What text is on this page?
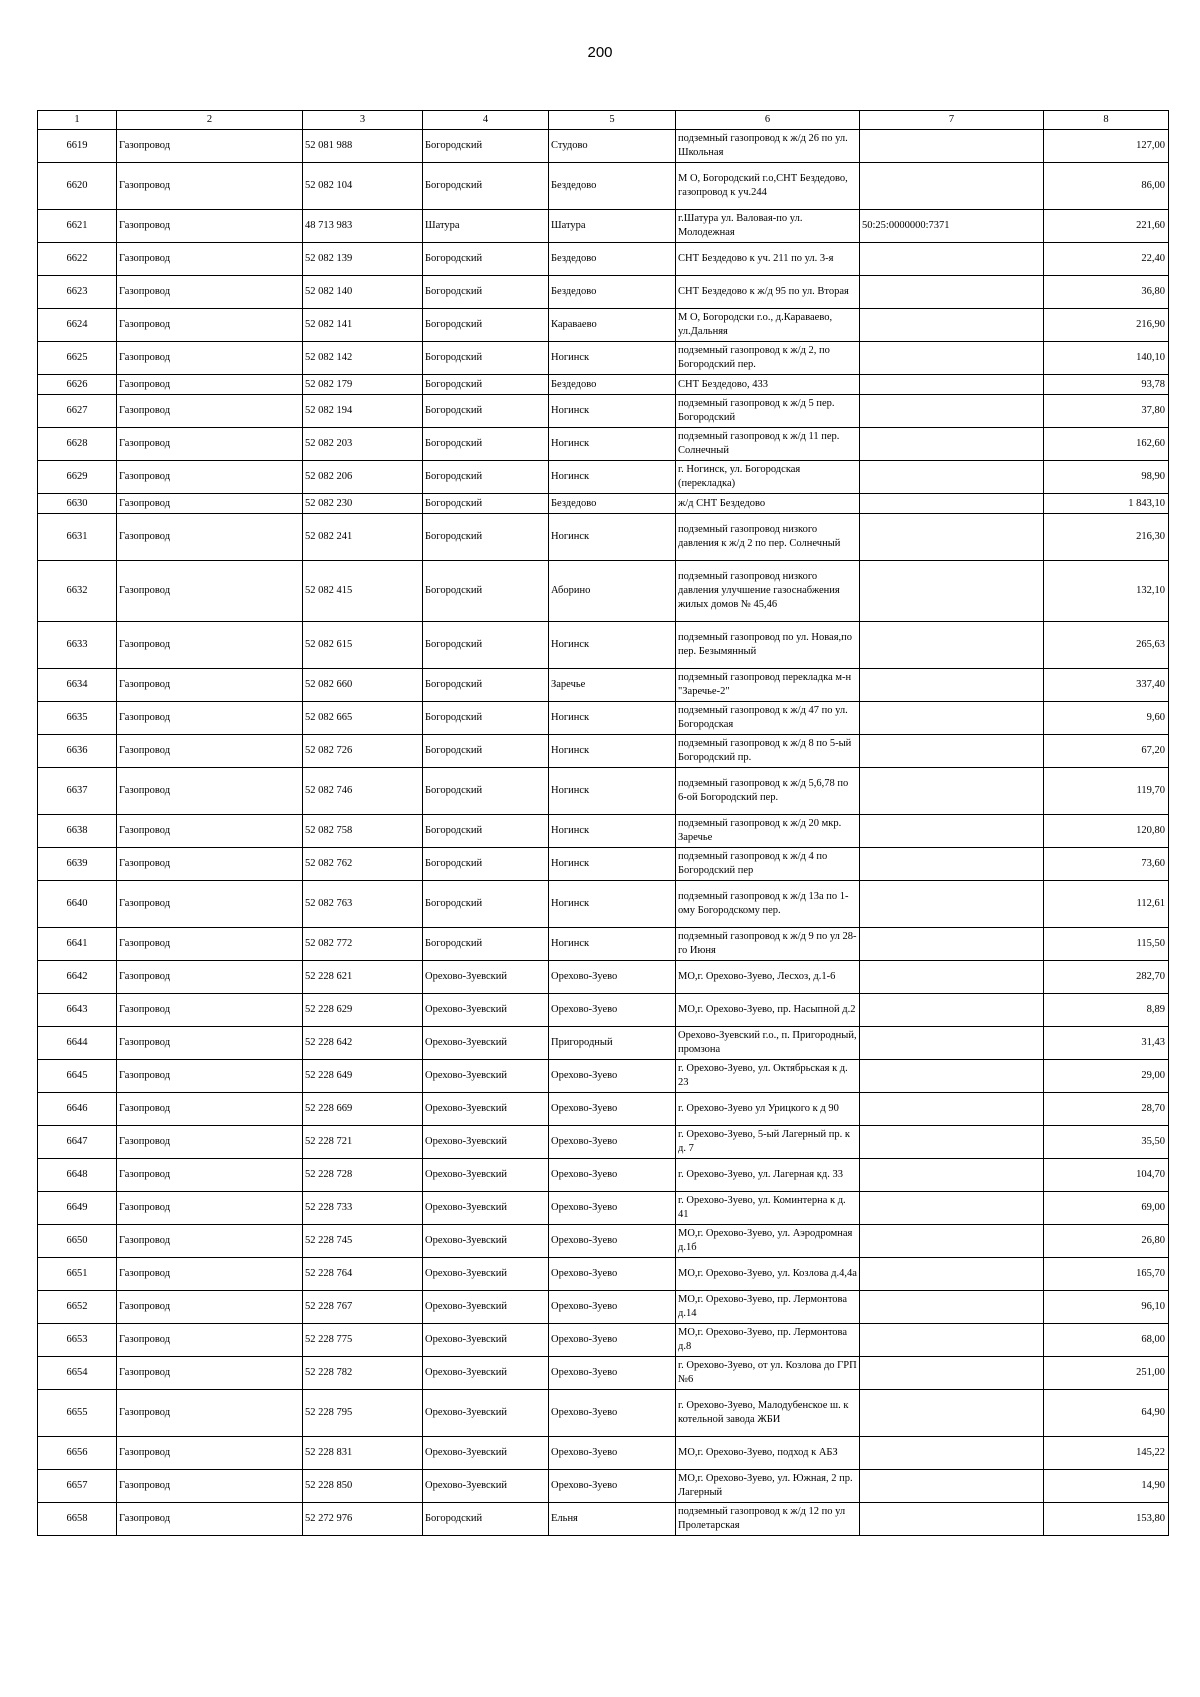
200
1	2	3	4	5	6	7	8
6619	Газопровод	52 081 988	Богородский	Студово	подземный газопровод к ж/д 26 по ул. Школьная		127,00
6620	Газопровод	52 082 104	Богородский	Бездедово	М О, Богородский г.о,СНТ Бездедово, газопровод к уч.244		86,00
6621	Газопровод	48 713 983	Шатура	Шатура	г.Шатура ул. Валовая-по ул. Молодежная	50:25:0000000:7371	221,60
6622	Газопровод	52 082 139	Богородский	Бездедово	СНТ Бездедово к уч. 211 по ул. 3-я		22,40
6623	Газопровод	52 082 140	Богородский	Бездедово	СНТ Бездедово к ж/д 95 по ул. Вторая		36,80
6624	Газопровод	52 082 141	Богородский	Караваево	М О, Богородски г.о., д.Караваево, ул.Дальняя		216,90
6625	Газопровод	52 082 142	Богородский	Ногинск	подземный газопровод к ж/д 2, по Богородский пер.		140,10
6626	Газопровод	52 082 179	Богородский	Бездедово	СНТ Бездедово, 433		93,78
6627	Газопровод	52 082 194	Богородский	Ногинск	подземный газопровод к ж/д 5 пер. Богородский		37,80
6628	Газопровод	52 082 203	Богородский	Ногинск	подземный газопровод к ж/д 11 пер. Солнечный		162,60
6629	Газопровод	52 082 206	Богородский	Ногинск	г. Ногинск, ул. Богородская (перекладка)		98,90
6630	Газопровод	52 082 230	Богородский	Бездедово	ж/д СНТ Бездедово		1 843,10
6631	Газопровод	52 082 241	Богородский	Ногинск	подземный газопровод низкого давления к ж/д 2 по пер. Солнечный		216,30
6632	Газопровод	52 082 415	Богородский	Аборино	подземный газопровод низкого давления улучшение газоснабжения жилых домов № 45,46		132,10
6633	Газопровод	52 082 615	Богородский	Ногинск	подземный газопровод по ул. Новая,по пер. Безымянный		265,63
6634	Газопровод	52 082 660	Богородский	Заречье	подземный газопровод перекладка м-н "Заречье-2"		337,40
6635	Газопровод	52 082 665	Богородский	Ногинск	подземный газопровод к ж/д 47 по ул. Богородская		9,60
6636	Газопровод	52 082 726	Богородский	Ногинск	подземный газопровод к ж/д 8 по 5-ый Богородский пр.		67,20
6637	Газопровод	52 082 746	Богородский	Ногинск	подземный газопровод к ж/д 5,6,78 по 6-ой Богородский пер.		119,70
6638	Газопровод	52 082 758	Богородский	Ногинск	подземный газопровод к ж/д 20 мкр. Заречье		120,80
6639	Газопровод	52 082 762	Богородский	Ногинск	подземный газопровод к ж/д 4 по Богородский пер		73,60
6640	Газопровод	52 082 763	Богородский	Ногинск	подземный газопровод к ж/д 13а по 1-ому Богородскому пер.		112,61
6641	Газопровод	52 082 772	Богородский	Ногинск	подземный газопровод к ж/д 9 по ул 28- го Июня		115,50
6642	Газопровод	52 228 621	Орехово-Зуевский	Орехово-Зуево	МО,г. Орехово-Зуево, Лесхоз, д.1-6		282,70
6643	Газопровод	52 228 629	Орехово-Зуевский	Орехово-Зуево	МО,г. Орехово-Зуево, пр. Насыпной д.2		8,89
6644	Газопровод	52 228 642	Орехово-Зуевский	Пригородный	Орехово-Зуевский г.о., п. Пригородный, промзона		31,43
6645	Газопровод	52 228 649	Орехово-Зуевский	Орехово-Зуево	г. Орехово-Зуево, ул. Октябрьская к д. 23		29,00
6646	Газопровод	52 228 669	Орехово-Зуевский	Орехово-Зуево	г. Орехово-Зуево ул Урицкого к д 90		28,70
6647	Газопровод	52 228 721	Орехово-Зуевский	Орехово-Зуево	г. Орехово-Зуево, 5-ый Лагерный пр. к д. 7		35,50
6648	Газопровод	52 228 728	Орехово-Зуевский	Орехово-Зуево	г. Орехово-Зуево, ул. Лагерная кд. 33		104,70
6649	Газопровод	52 228 733	Орехово-Зуевский	Орехово-Зуево	г. Орехово-Зуево, ул. Коминтерна к д. 41		69,00
6650	Газопровод	52 228 745	Орехово-Зуевский	Орехово-Зуево	МО,г. Орехово-Зуево, ул. Аэродромная д.1б		26,80
6651	Газопровод	52 228 764	Орехово-Зуевский	Орехово-Зуево	МО,г. Орехово-Зуево, ул. Козлова д.4,4а		165,70
6652	Газопровод	52 228 767	Орехово-Зуевский	Орехово-Зуево	МО,г. Орехово-Зуево, пр. Лермонтова д.14		96,10
6653	Газопровод	52 228 775	Орехово-Зуевский	Орехово-Зуево	МО,г. Орехово-Зуево, пр. Лермонтова д.8		68,00
6654	Газопровод	52 228 782	Орехово-Зуевский	Орехово-Зуево	г. Орехово-Зуево, от ул. Козлова до ГРП №6		251,00
6655	Газопровод	52 228 795	Орехово-Зуевский	Орехово-Зуево	г. Орехово-Зуево, Малодубенское ш. к котельной завода ЖБИ		64,90
6656	Газопровод	52 228 831	Орехово-Зуевский	Орехово-Зуево	МО,г. Орехово-Зуево, подход к АБЗ		145,22
6657	Газопровод	52 228 850	Орехово-Зуевский	Орехово-Зуево	МО,г. Орехово-Зуево, ул. Южная, 2 пр. Лагерный		14,90
6658	Газопровод	52 272 976	Богородский	Ельня	подземный газопровод к ж/д 12 по ул Пролетарская		153,80
